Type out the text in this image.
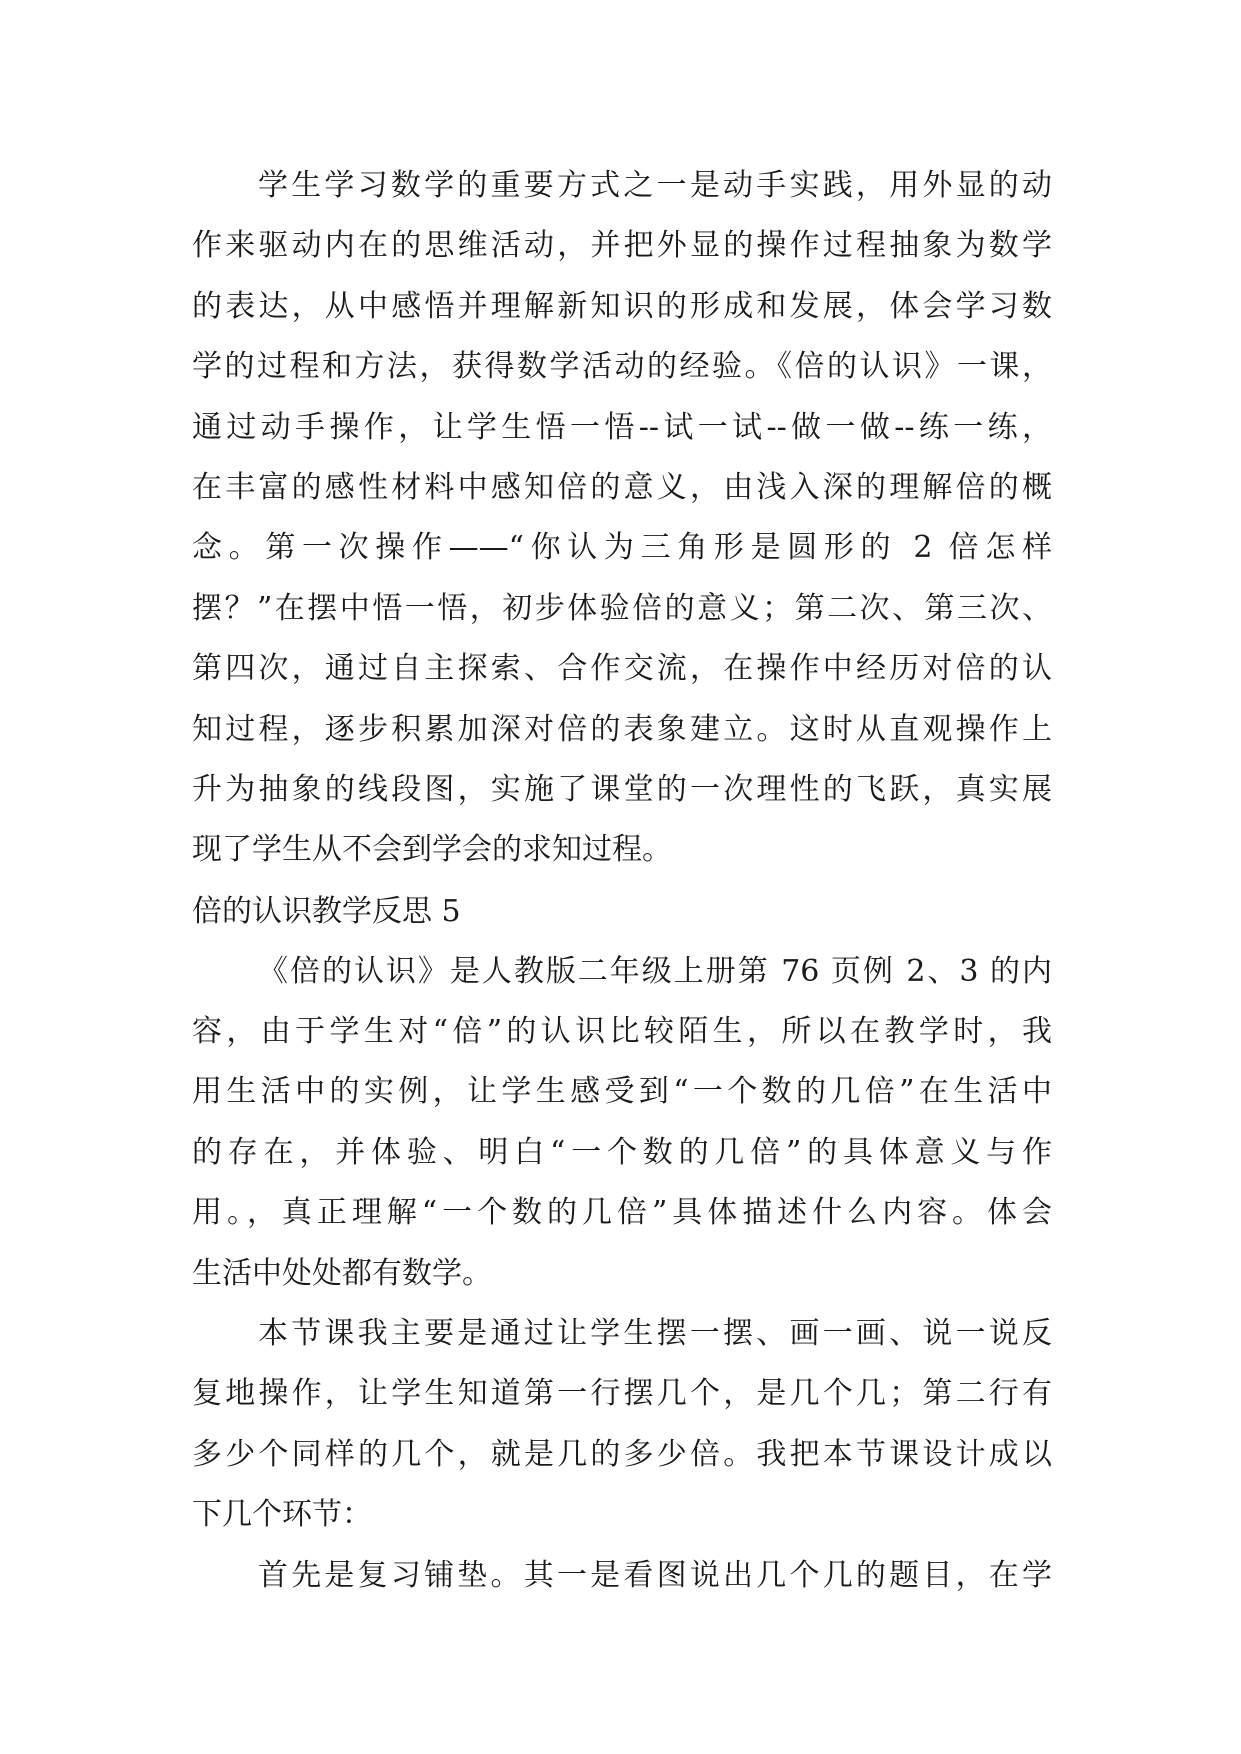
学生学习数学的重要方式之一是动手实践，用外显的动
作来驱动内在的思维活动，并把外显的操作过程抽象为数学
的表达，从中感悟并理解新知识的形成和发展，体会学习数
学的过程和方法，获得数学活动的经验。《倍的认识》一课，
通过动手操作，让学生悟一悟--试一试--做一做--练一练，
在丰富的感性材料中感知倍的意义，由浅入深的理解倍的概
念。第一次操作——“你认为三角形是圆形的 2 倍怎样
摆？”在摆中悟一悟，初步体验倍的意义；第二次、第三次、
第四次，通过自主探索、合作交流，在操作中经历对倍的认
知过程，逐步积累加深对倍的表象建立。这时从直观操作上
升为抽象的线段图，实施了课堂的一次理性的飞跃，真实展
现了学生从不会到学会的求知过程。
倍的认识教学反思 5
《倍的认识》是人教版二年级上册第 76 页例 2、3 的内
容，由于学生对“倍”的认识比较陌生，所以在教学时，我
用生活中的实例，让学生感受到“一个数的几倍”在生活中
的存在，并体验、明白“一个数的几倍”的具体意义与作
用。，真正理解“一个数的几倍”具体描述什么内容。体会
生活中处处都有数学。
本节课我主要是通过让学生摆一摆、画一画、说一说反
复地操作，让学生知道第一行摆几个，是几个几；第二行有
多少个同样的几个，就是几的多少倍。我把本节课设计成以
下几个环节：
首先是复习铺垫。其一是看图说出几个几的题目，在学
